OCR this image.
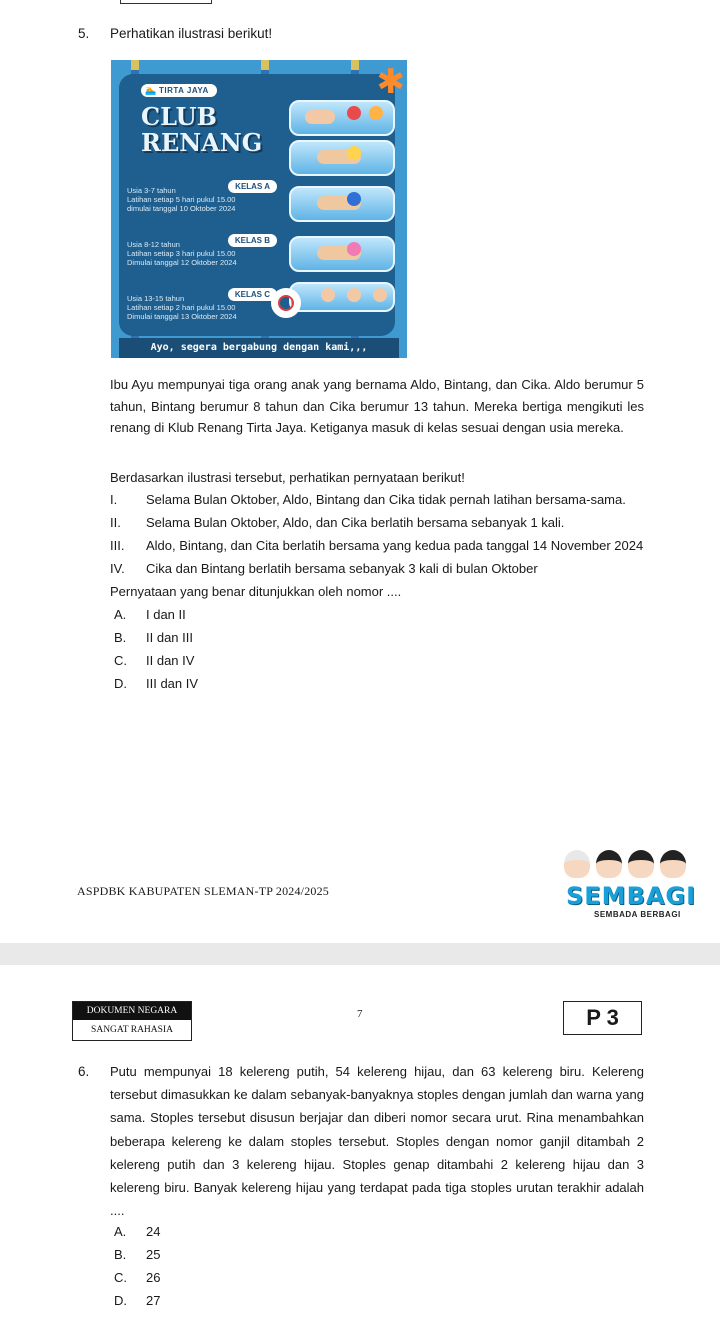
5. Perhatikan ilustrasi berikut!
🏊 TIRTA JAYA
CLUB
RENANG
KELAS A
Usia 3-7 tahun
Latihan setiap 5 hari pukul 15.00
dimulai tanggal 10 Oktober 2024
KELAS B
Usia 8-12 tahun
Latihan setiap 3 hari pukul 15.00
Dimulai tanggal 12 Oktober 2024
KELAS C
Usia 13-15 tahun
Latihan setiap 2 hari pukul 15.00
Dimulai tanggal 13 Oktober 2024
✱
Ayo, segera bergabung dengan kami,,,
Ibu Ayu mempunyai tiga orang anak yang bernama Aldo, Bintang, dan Cika. Aldo berumur 5 tahun, Bintang berumur 8 tahun dan Cika berumur 13 tahun. Mereka bertiga mengikuti les renang di Klub Renang Tirta Jaya. Ketiganya masuk di kelas sesuai dengan usia mereka.
Berdasarkan ilustrasi tersebut, perhatikan pernyataan berikut!
I. Selama Bulan Oktober, Aldo, Bintang dan Cika tidak pernah latihan bersama-sama.
II. Selama Bulan Oktober, Aldo, dan Cika berlatih bersama sebanyak 1 kali.
III. Aldo, Bintang, dan Cita berlatih bersama yang kedua pada tanggal 14 November 2024
IV. Cika dan Bintang berlatih bersama sebanyak 3 kali di bulan Oktober
Pernyataan yang benar ditunjukkan oleh nomor ....
A. I dan II
B. II dan III
C. II dan IV
D. III dan IV
ASPDBK KABUPATEN SLEMAN-TP 2024/2025	SEMBAGI
SEMBADA BERBAGI
DOKUMEN NEGARA
SANGAT RAHASIA
7	P 3
6. Putu mempunyai 18 kelereng putih, 54 kelereng hijau, dan 63 kelereng biru. Kelereng tersebut dimasukkan ke dalam sebanyak-banyaknya stoples dengan jumlah dan warna yang sama. Stoples tersebut disusun berjajar dan diberi nomor secara urut. Rina menambahkan beberapa kelereng ke dalam stoples tersebut. Stoples dengan nomor ganjil ditambah 2 kelereng putih dan 3 kelereng hijau. Stoples genap ditambahi 2 kelereng hijau dan 3 kelereng biru. Banyak kelereng hijau yang terdapat pada tiga stoples urutan terakhir adalah ....
A. 24
B. 25
C. 26
D. 27
